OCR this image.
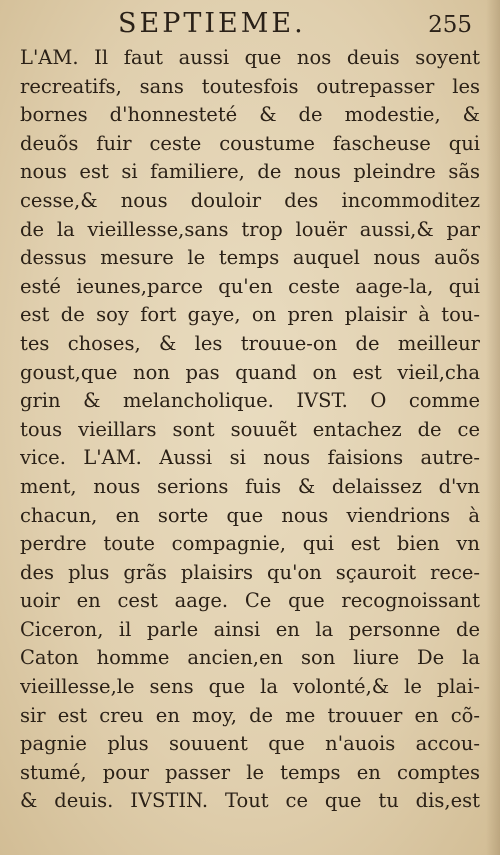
SEPTIEME.	255
L'AM. Il faut aussi que nos deuis soyent
recreatifs, sans toutesfois outrepasser les
bornes d'honnesteté & de modestie, &
deuõs fuir ceste coustume fascheuse qui
nous est si familiere, de nous pleindre sãs
cesse,& nous douloir des incommoditez
de la vieillesse,sans trop louër aussi,& par
dessus mesure le temps auquel nous auõs
esté ieunes,parce qu'en ceste aage-la, qui
est de soy fort gaye, on pren plaisir à tou-
tes choses, & les trouue-on de meilleur
goust,que non pas quand on est vieil,cha
grin & melancholique. IVST. O comme
tous vieillars sont souuẽt entachez de ce
vice. L'AM. Aussi si nous faisions autre-
ment, nous serions fuis & delaissez d'vn
chacun, en sorte que nous viendrions à
perdre toute compagnie, qui est bien vn
des plus grãs plaisirs qu'on sçauroit rece-
uoir en cest aage. Ce que recognoissant
Ciceron, il parle ainsi en la personne de
Caton homme ancien,en son liure De la
vieillesse,le sens que la volonté,& le plai-
sir est creu en moy, de me trouuer en cõ-
pagnie plus souuent que n'auois accou-
stumé, pour passer le temps en comptes
& deuis. IVSTIN. Tout ce que tu dis,est
